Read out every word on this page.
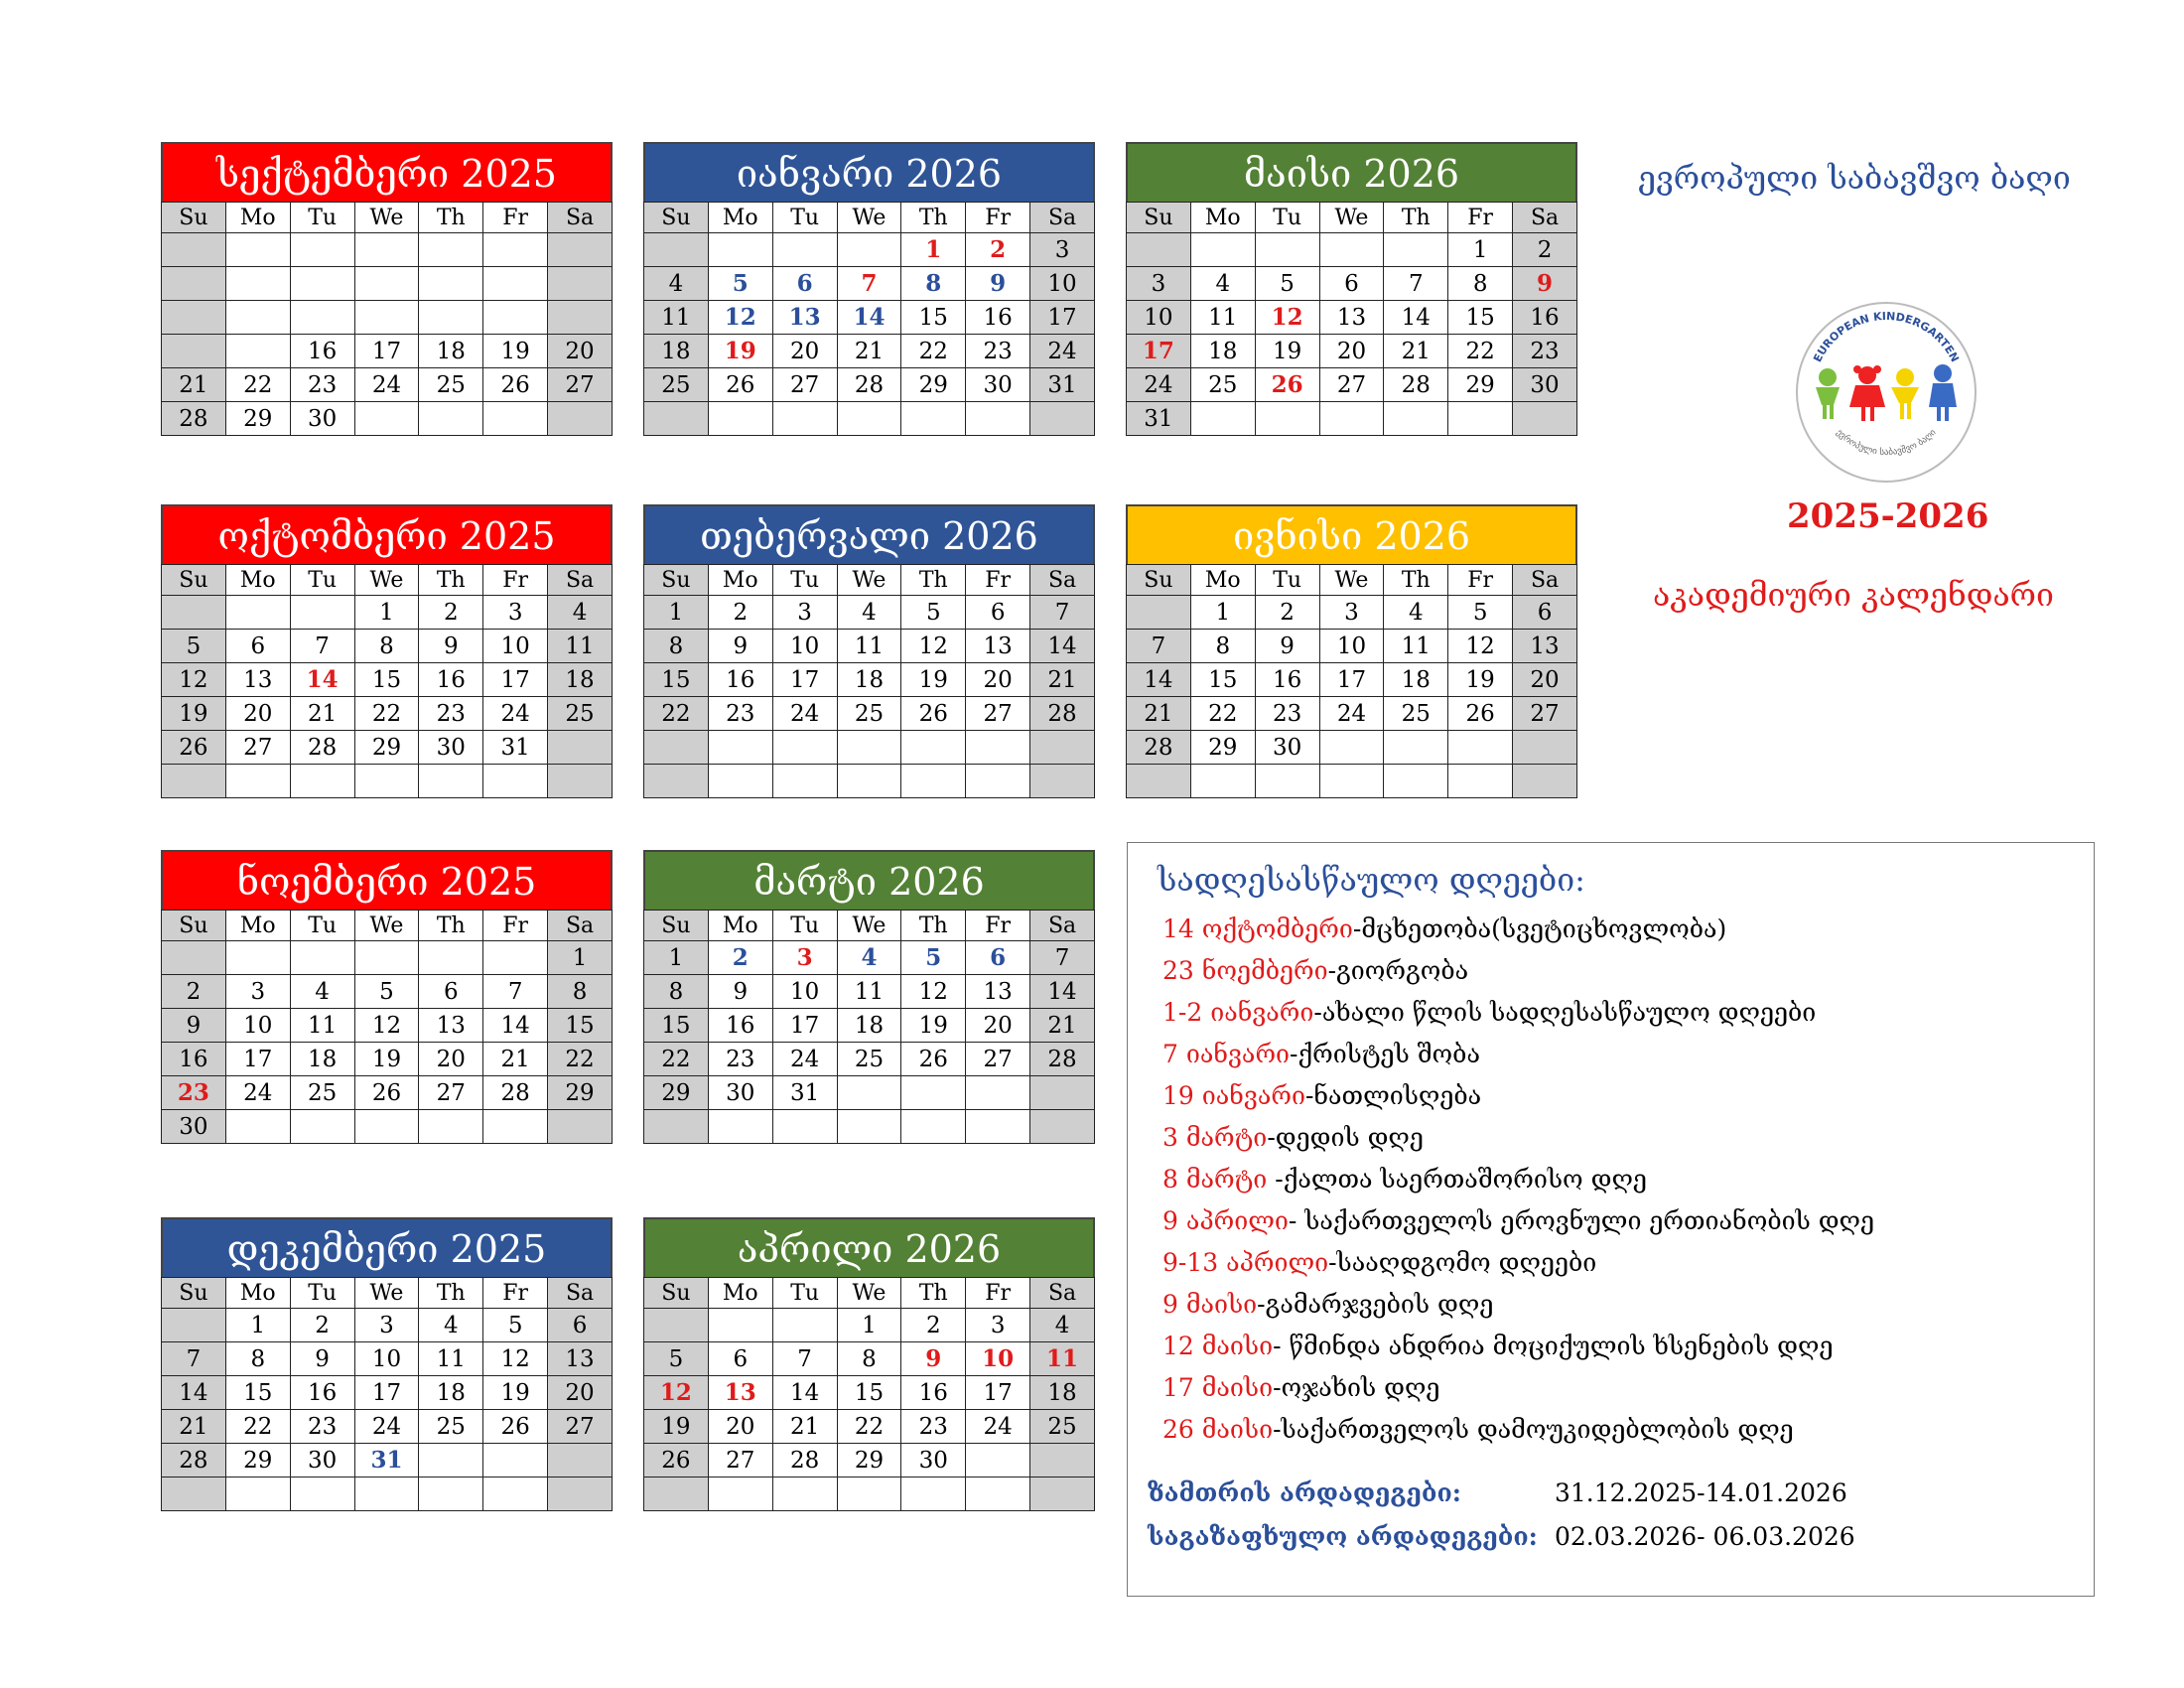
სექტემბერი 2025
Su	Mo	Tu	We	Th	Fr	Sa

		16	17	18	19	20
21	22	23	24	25	26	27
28	29	30				
იანვარი 2026
Su	Mo	Tu	We	Th	Fr	Sa
				1	2	3
4	5	6	7	8	9	10
11	12	13	14	15	16	17
18	19	20	21	22	23	24
25	26	27	28	29	30	31

მაისი 2026
Su	Mo	Tu	We	Th	Fr	Sa
					1	2
3	4	5	6	7	8	9
10	11	12	13	14	15	16
17	18	19	20	21	22	23
24	25	26	27	28	29	30
31						
ოქტომბერი 2025
Su	Mo	Tu	We	Th	Fr	Sa
			1	2	3	4
5	6	7	8	9	10	11
12	13	14	15	16	17	18
19	20	21	22	23	24	25
26	27	28	29	30	31	

თებერვალი 2026
Su	Mo	Tu	We	Th	Fr	Sa
1	2	3	4	5	6	7
8	9	10	11	12	13	14
15	16	17	18	19	20	21
22	23	24	25	26	27	28

ივნისი 2026
Su	Mo	Tu	We	Th	Fr	Sa
	1	2	3	4	5	6
7	8	9	10	11	12	13
14	15	16	17	18	19	20
21	22	23	24	25	26	27
28	29	30				

ნოემბერი 2025
Su	Mo	Tu	We	Th	Fr	Sa
						1
2	3	4	5	6	7	8
9	10	11	12	13	14	15
16	17	18	19	20	21	22
23	24	25	26	27	28	29
30						
მარტი 2026
Su	Mo	Tu	We	Th	Fr	Sa
1	2	3	4	5	6	7
8	9	10	11	12	13	14
15	16	17	18	19	20	21
22	23	24	25	26	27	28
29	30	31				

დეკემბერი 2025
Su	Mo	Tu	We	Th	Fr	Sa
	1	2	3	4	5	6
7	8	9	10	11	12	13
14	15	16	17	18	19	20
21	22	23	24	25	26	27
28	29	30	31			

აპრილი 2026
Su	Mo	Tu	We	Th	Fr	Sa
			1	2	3	4
5	6	7	8	9	10	11
12	13	14	15	16	17	18
19	20	21	22	23	24	25
26	27	28	29	30		

ევროპული საბავშვო ბაღი
EUROPEAN KINDERGARTEN
ევროპული საბავშვო ბაღი
2025-2026
აკადემიური კალენდარი
სადღესასწაულო დღეები:
14 ოქტომბერი-მცხეთობა(სვეტიცხოვლობა)
23 ნოემბერი-გიორგობა
1-2 იანვარი-ახალი წლის სადღესასწაულო დღეები
7 იანვარი-ქრისტეს შობა
19 იანვარი-ნათლისღება
3 მარტი-დედის დღე
8 მარტი -ქალთა საერთაშორისო დღე
9 აპრილი- საქართველოს ეროვნული ერთიანობის დღე
9-13 აპრილი-სააღდგომო დღეები
9 მაისი-გამარჯვების დღე
12 მაისი- წმინდა ანდრია მოციქულის ხსენების დღე
17 მაისი-ოჯახის დღე
26 მაისი-საქართველოს დამოუკიდებლობის დღე
ზამთრის არდადეგები:	31.12.2025-14.01.2026
საგაზაფხულო არდადეგები: 02.03.2026- 06.03.2026
